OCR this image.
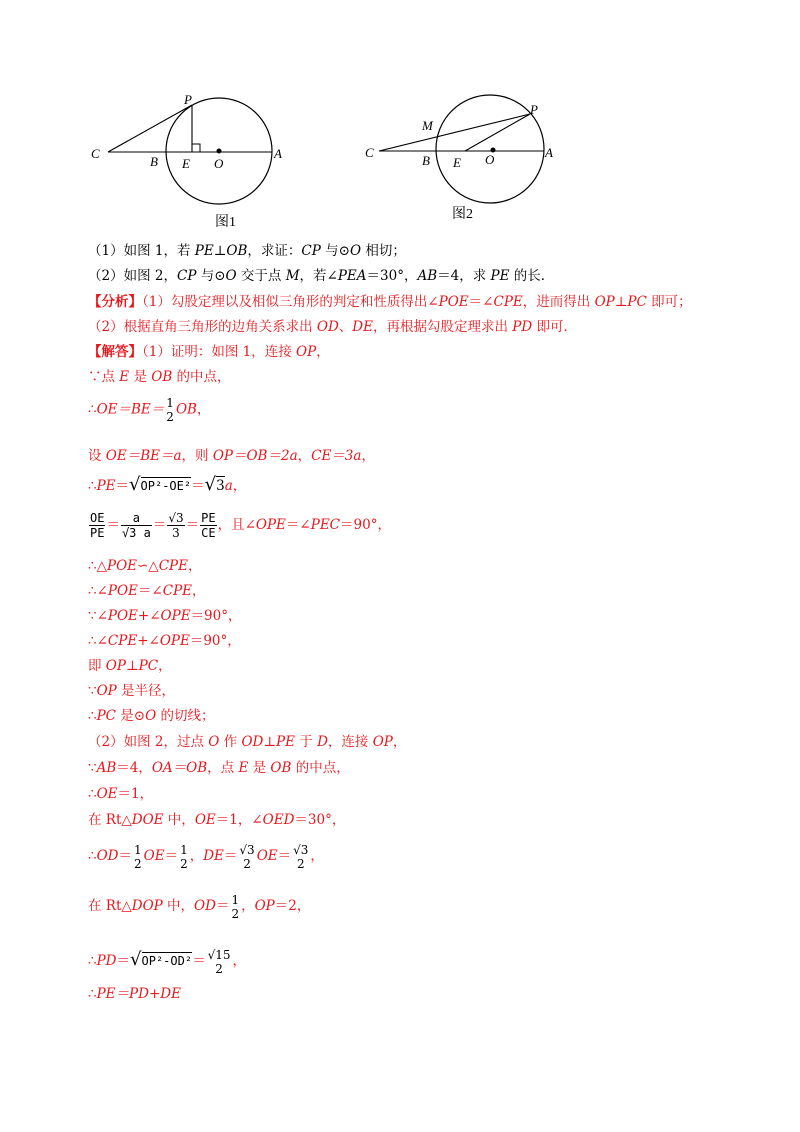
P
C
B E O
A
图1
P
M
C
B E O	A
图2
（1）如图 1，若 PE⊥OB，求证：CP 与⊙O 相切；
（2）如图 2，CP 与⊙O 交于点 M，若∠PEA＝30°，AB＝4，求 PE 的长．
【分析】（1）勾股定理以及相似三角形的判定和性质得出∠POE＝∠CPE，进而得出 OP⊥PC 即可；
（2）根据直角三角形的边角关系求出 OD、DE，再根据勾股定理求出 PD 即可．
【解答】（1）证明：如图 1，连接 OP，
∵点 E 是 OB 的中点，
∴OE＝BE＝ 1
2 OB，
设 OE＝BE＝a，则 OP＝OB＝2a，CE＝3a，
∴PE＝√OP²-OE²＝√3a，
$\frac{OE}{PE} = \frac{a}{√3 a} = \frac{√3}{3} = \frac{PE}{CE}$ ，且∠OPE＝∠PEC＝90°，
∴△POE∽△CPE，
∴∠POE＝∠CPE，
∵∠POE+∠OPE＝90°，
∴∠CPE+∠OPE＝90°，
即 OP⊥PC，
∵OP 是半径，
∴PC 是⊙O 的切线；
（2）如图 2，过点 O 作 OD⊥PE 于 D，连接 OP，
∵AB＝4，OA＝OB，点 E 是 OB 的中点，
∴OE＝1，
在 Rt△DOE 中，OE＝1，∠OED＝30°，
∴OD＝ 1
2 OE＝ 1
2 ，DE＝ √3
2 OE＝ √3
2 ，
在 Rt△DOP 中，OD＝ 1
2 ，OP＝2，
∴PD＝√OP²-OD²＝ √15
2 ，
∴PE＝PD+DE
